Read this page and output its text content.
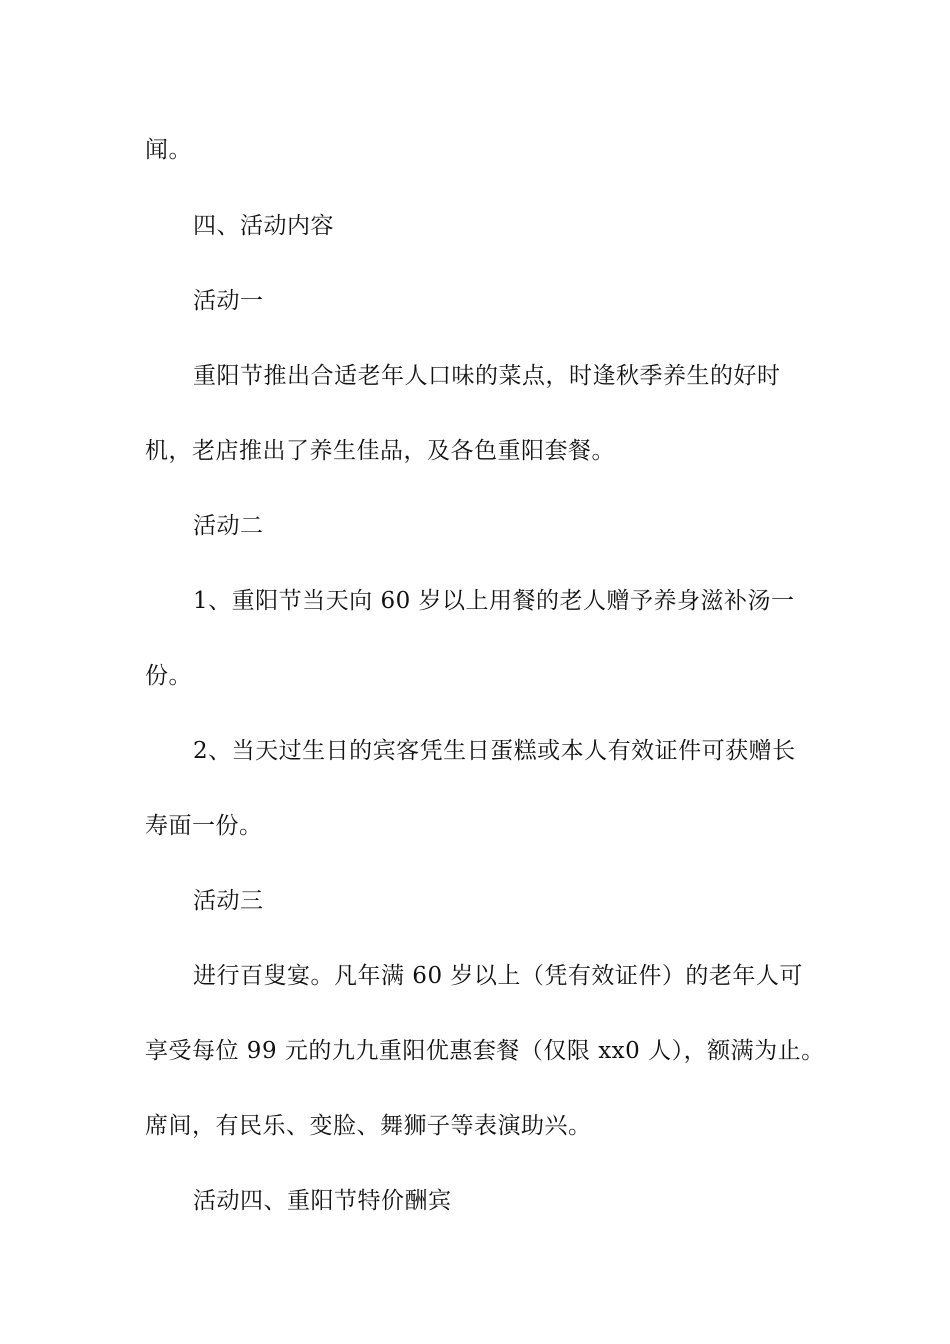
闻。
四、活动内容
活动一
重阳节推出合适老年人口味的菜点，时逢秋季养生的好时
机，老店推出了养生佳品，及各色重阳套餐。
活动二
1、重阳节当天向 60 岁以上用餐的老人赠予养身滋补汤一
份。
2、当天过生日的宾客凭生日蛋糕或本人有效证件可获赠长
寿面一份。
活动三
进行百叟宴。凡年满 60 岁以上（凭有效证件）的老年人可
享受每位 99 元的九九重阳优惠套餐（仅限 xx0 人），额满为止。
席间，有民乐、变脸、舞狮子等表演助兴。
活动四、重阳节特价酬宾
